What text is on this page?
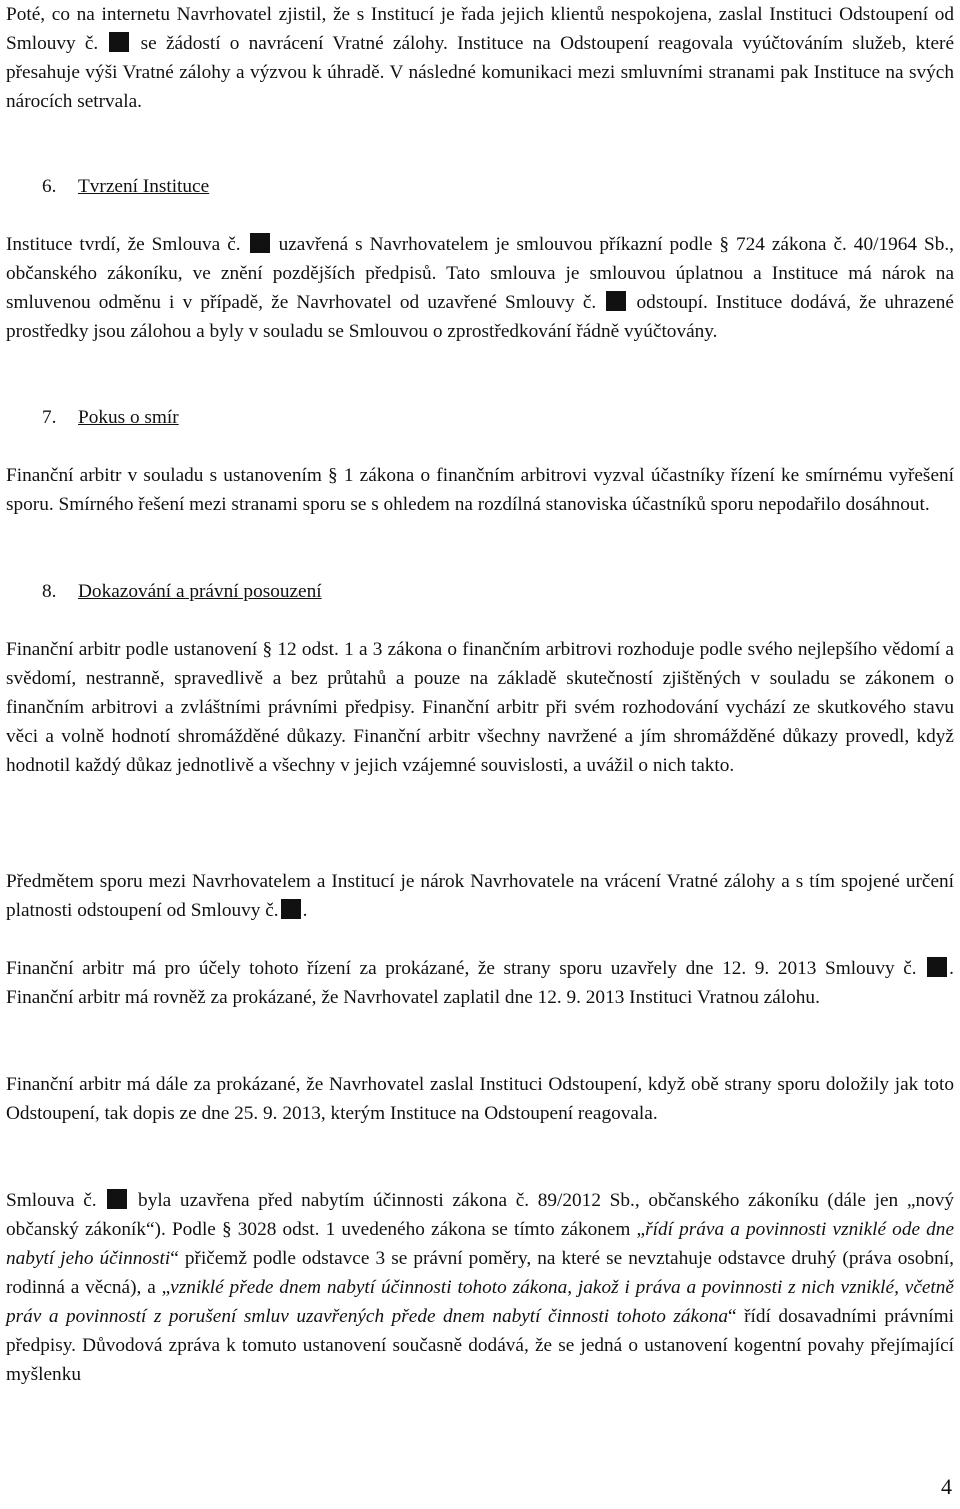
Poté, co na internetu Navrhovatel zjistil, že s Institucí je řada jejich klientů nespokojena, zaslal Instituci Odstoupení od Smlouvy č. se žádostí o navrácení Vratné zálohy. Instituce na Odstoupení reagovala vyúčtováním služeb, které přesahuje výši Vratné zálohy a výzvou k úhradě. V následné komunikaci mezi smluvními stranami pak Instituce na svých nárocích setrvala.

6. Tvrzení Instituce

Instituce tvrdí, že Smlouva č. uzavřená s Navrhovatelem je smlouvou příkazní podle § 724 zákona č. 40/1964 Sb., občanského zákoníku, ve znění pozdějších předpisů. Tato smlouva je smlouvou úplatnou a Instituce má nárok na smluvenou odměnu i v případě, že Navrhovatel od uzavřené Smlouvy č. odstoupí. Instituce dodává, že uhrazené prostředky jsou zálohou a byly v souladu se Smlouvou o zprostředkování řádně vyúčtovány.

7. Pokus o smír

Finanční arbitr v souladu s ustanovením § 1 zákona o finančním arbitrovi vyzval účastníky řízení ke smírnému vyřešení sporu. Smírného řešení mezi stranami sporu se s ohledem na rozdílná stanoviska účastníků sporu nepodařilo dosáhnout.

8. Dokazování a právní posouzení

Finanční arbitr podle ustanovení § 12 odst. 1 a 3 zákona o finančním arbitrovi rozhoduje podle svého nejlepšího vědomí a svědomí, nestranně, spravedlivě a bez průtahů a pouze na základě skutečností zjištěných v souladu se zákonem o finančním arbitrovi a zvláštními právními předpisy. Finanční arbitr při svém rozhodování vychází ze skutkového stavu věci a volně hodnotí shromážděné důkazy. Finanční arbitr všechny navržené a jím shromážděné důkazy provedl, když hodnotil každý důkaz jednotlivě a všechny v jejich vzájemné souvislosti, a uvážil o nich takto.

Předmětem sporu mezi Navrhovatelem a Institucí je nárok Navrhovatele na vrácení Vratné zálohy a s tím spojené určení platnosti odstoupení od Smlouvy č. .

Finanční arbitr má pro účely tohoto řízení za prokázané, že strany sporu uzavřely dne 12. 9. 2013 Smlouvy č. . Finanční arbitr má rovněž za prokázané, že Navrhovatel zaplatil dne 12. 9. 2013 Instituci Vratnou zálohu.

Finanční arbitr má dále za prokázané, že Navrhovatel zaslal Instituci Odstoupení, když obě strany sporu doložily jak toto Odstoupení, tak dopis ze dne 25. 9. 2013, kterým Instituce na Odstoupení reagovala.

Smlouva č. byla uzavřena před nabytím účinnosti zákona č. 89/2012 Sb., občanského zákoníku (dále jen „nový občanský zákoník“). Podle § 3028 odst. 1 uvedeného zákona se tímto zákonem „řídí práva a povinnosti vzniklé ode dne nabytí jeho účinnosti“ přičemž podle odstavce 3 se právní poměry, na které se nevztahuje odstavce druhý (práva osobní, rodinná a věcná), a „vzniklé přede dnem nabytí účinnosti tohoto zákona, jakož i práva a povinnosti z nich vzniklé, včetně práv a povinností z porušení smluv uzavřených přede dnem nabytí činnosti tohoto zákona“ řídí dosavadními právními předpisy. Důvodová zpráva k tomuto ustanovení současně dodává, že se jedná o ustanovení kogentní povahy přejímající myšlenku

4
